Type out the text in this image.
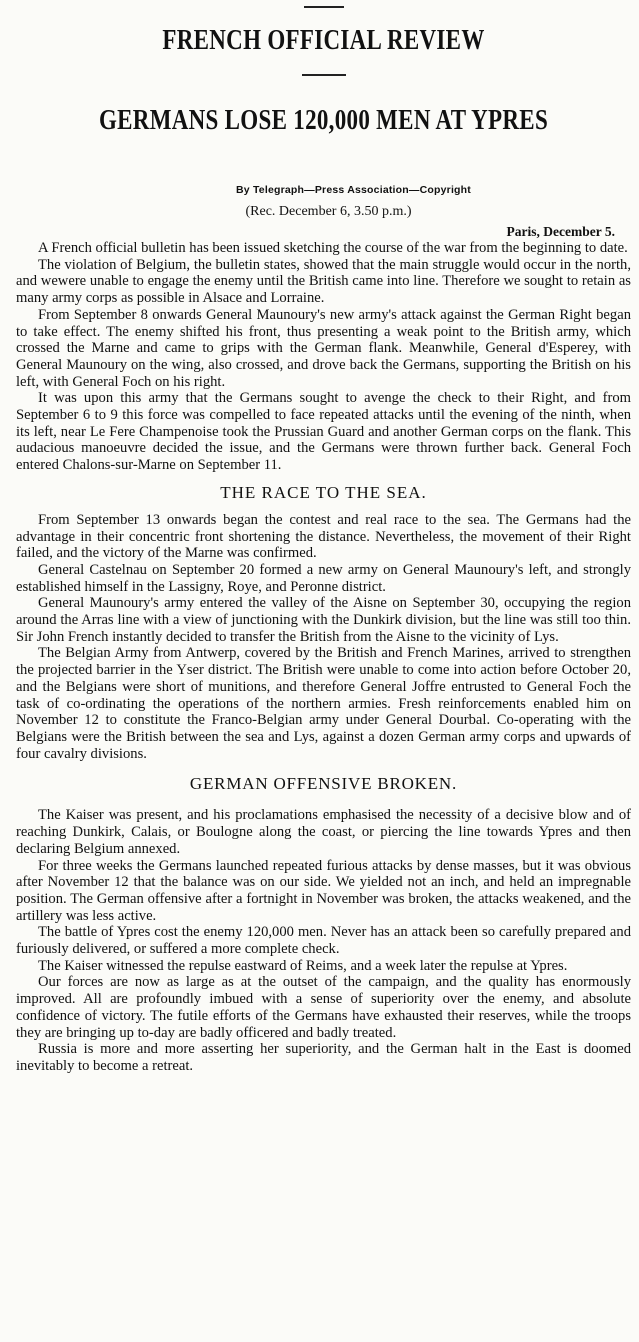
FRENCH OFFICIAL REVIEW
GERMANS LOSE 120,000 MEN AT YPRES
By Telegraph—Press Association—Copyright
(Rec. December 6, 3.50 p.m.)
Paris, December 5.

A French official bulletin has been issued sketching the course of the war from the beginning to date.

The violation of Belgium, the bulletin states, showed that the main struggle would occur in the north, and wewere unable to engage the enemy until the British came into line. Therefore we sought to retain as many army corps as possible in Alsace and Lorraine.

From September 8 onwards General Maunoury's new army's attack against the German Right began to take effect. The enemy shifted his front, thus presenting a weak point to the British army, which crossed the Marne and came to grips with the German flank. Meanwhile, General d'Esperey, with General Maunoury on the wing, also crossed, and drove back the Germans, supporting the British on his left, with General Foch on his right.

It was upon this army that the Germans sought to avenge the check to their Right, and from September 6 to 9 this force was compelled to face repeated attacks until the evening of the ninth, when its left, near Le Fere Champenoise took the Prussian Guard and another German corps on the flank. This audacious manoeuvre decided the issue, and the Germans were thrown further back. General Foch entered Chalons-sur-Marne on September 11.

THE RACE TO THE SEA.

From September 13 onwards began the contest and real race to the sea. The Germans had the advantage in their concentric front shortening the distance. Nevertheless, the movement of their Right failed, and the victory of the Marne was confirmed.

General Castelnau on September 20 formed a new army on General Maunoury's left, and strongly established himself in the Lassigny, Roye, and Peronne district.

General Maunoury's army entered the valley of the Aisne on September 30, occupying the region around the Arras line with a view of junctioning with the Dunkirk division, but the line was still too thin. Sir John French instantly decided to transfer the British from the Aisne to the vicinity of Lys.

The Belgian Army from Antwerp, covered by the British and French Marines, arrived to strengthen the projected barrier in the Yser district. The British were unable to come into action before October 20, and the Belgians were short of munitions, and therefore General Joffre entrusted to General Foch the task of co-ordinating the operations of the northern armies. Fresh reinforcements enabled him on November 12 to constitute the Franco-Belgian army under General Dourbal. Co-operating with the Belgians were the British between the sea and Lys, against a dozen German army corps and upwards of four cavalry divisions.

GERMAN OFFENSIVE BROKEN.

The Kaiser was present, and his proclamations emphasised the necessity of a decisive blow and of reaching Dunkirk, Calais, or Boulogne along the coast, or piercing the line towards Ypres and then declaring Belgium annexed.

For three weeks the Germans launched repeated furious attacks by dense masses, but it was obvious after November 12 that the balance was on our side. We yielded not an inch, and held an impregnable position. The German offensive after a fortnight in November was broken, the attacks weakened, and the artillery was less active.

The battle of Ypres cost the enemy 120,000 men. Never has an attack been so carefully prepared and furiously delivered, or suffered a more complete check.

The Kaiser witnessed the repulse eastward of Reims, and a week later the repulse at Ypres.

Our forces are now as large as at the outset of the campaign, and the quality has enormously improved. All are profoundly imbued with a sense of superiority over the enemy, and absolute confidence of victory. The futile efforts of the Germans have exhausted their reserves, while the troops they are bringing up to-day are badly officered and badly treated.

Russia is more and more asserting her superiority, and the German halt in the East is doomed inevitably to become a retreat.
